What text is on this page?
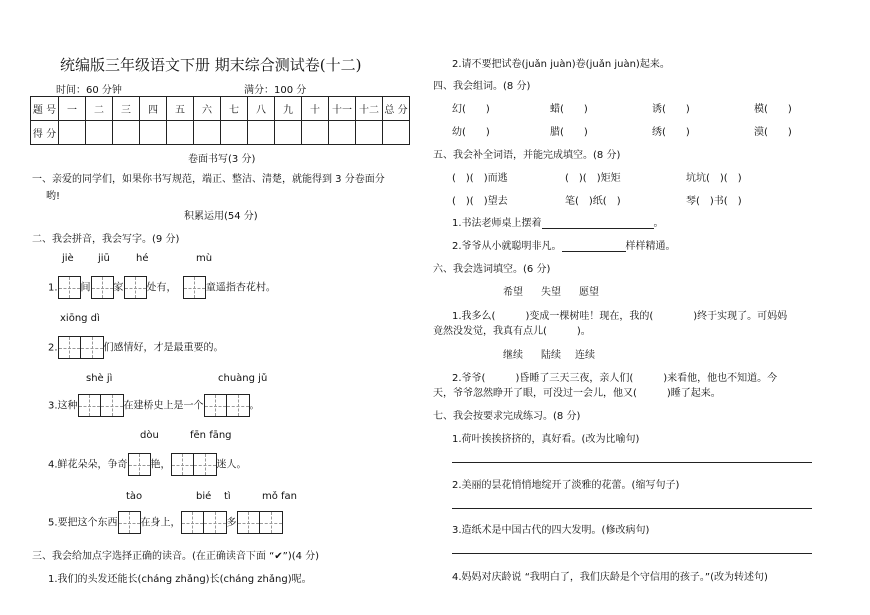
统编版三年级语文下册 期末综合测试卷(十二)
时间：60 分钟	满分：100 分
题 号	一	二	三	四	五	六	七	八	九	十	十一	十二	总 分
得 分													
卷面书写(3 分)
一、亲爱的同学们，如果你书写规范，端正、整洁、清楚，就能得到 3 分卷面分
哟!
积累运用(54 分)
二、我会拼音，我会写字。(9 分)
jiè jiū	hé	mù
1. 间 家 处有，	童遥指杏花村。
xiōng dì
2.	们感情好，才是最重要的。
shè jì	chuàng jǔ
3.这种	在建桥史上是一个	。
dòu	fēn fāng
4.鲜花朵朵，争奇 艳，	迷人。
tào	bié tì	mǒ fan
5.要把这个东西 在身上，	多
三、我会给加点字选择正确的读音。(在正确读音下面 “✔”)(4 分)
1.我们的头发还能长(cháng zhǎng)长(cháng zhǎng)呢。
2.请不要把试卷(juǎn juàn)卷(juǎn juàn)起来。
四、我会组词。(8 分)
幻(　　)	蜡(　　)	诱(　　)	模(　　)
幼(　　)	腊(　　)	绣(　　)	漠(　　)
五、我会补全词语，并能完成填空。(8 分)
(　)(　)而逃	(　)(　)矩矩	坑坑(　)(　)
(　)(　)望去	笔(　)纸(　)	琴(　)书(　)
1.书法老师桌上摆着	。
2.爷爷从小就聪明非凡。	样样精通。
六、我会选词填空。(6 分)
希望 失望 愿望
1.我多么(　　　)变成一棵树哇！现在，我的(　　　　)终于实现了。可妈妈
竟然没发觉，我真有点儿(　　　)。
继续 陆续 连续
2.爷爷(　　　)昏睡了三天三夜，亲人们(　　　)来看他，他也不知道。今
天，爷爷忽然睁开了眼，可没过一会儿，他又(　　　)睡了起来。
七、我会按要求完成练习。(8 分)
1.荷叶挨挨挤挤的，真好看。(改为比喻句)
2.美丽的昙花悄悄地绽开了淡雅的花蕾。(缩写句子)
3.造纸术是中国古代的四大发明。(修改病句)
4.妈妈对庆龄说 “我明白了，我们庆龄是个守信用的孩子。”(改为转述句)
